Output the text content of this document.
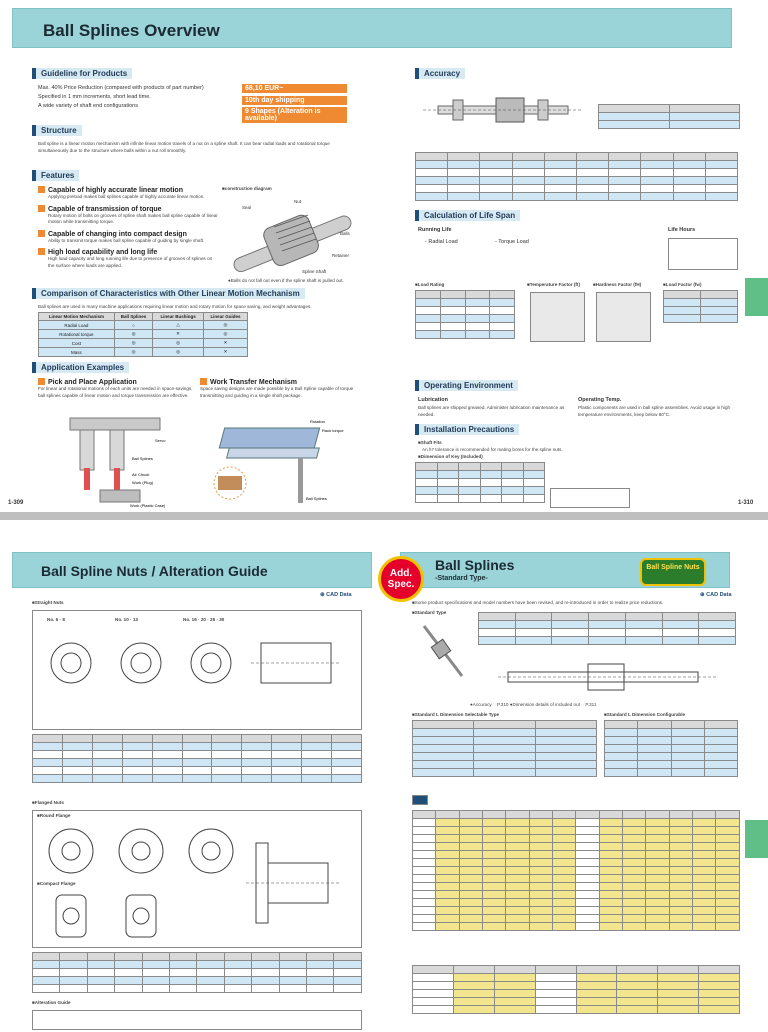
Ball Splines Overview
Guideline for Products
Max. 40% Price Reduction (compared with products of part number)
Specified in 1 mm increments, short lead time.
A wide variety of shaft end configurations
68,10 EUR~
10th day shipping
9 Shapes (Alteration is available)
Structure
Ball spline is a linear motion mechanism with infinite linear motion travels of a nut on a spline shaft. It can bear radial loads and rotational torque simultaneously due to the structure where balls within a nut roll smoothly.
Features
Capable of highly accurate linear motion
Applying preload makes ball splines capable of highly accurate linear motion.
Capable of transmission of torque
Rotary motion of bolts on grooves of spline shaft makes ball spline capable of linear motion while transmitting torque.
Capable of changing into compact design
Ability to transmit torque makes ball spline capable of guiding by single shaft.
High load capability and long life
High load capacity and long running life due to presence of grooves of splines on the surface where loads are applied.
■construction diagram
Seal
Nut
Balls
Retainer
Spline Shaft
●Balls do not fall out even if the spline shaft is pulled out.
Comparison of Characteristics with Other Linear Motion Mechanism
Ball splines are used in many machine applications requiring linear motion and rotary motion for space saving, and weight advantages.
Linear Motion Mechanism	Ball Splines	Linear Bushings	Linear Guides
Radial Load	○	△	◎
Rotational torque	◎	✕	◎
Cost	◎	◎	✕
Mass	◎	◎	✕
Application Examples
Pick and Place Application
For linear and rotational motions of each units are needed in space-savings, ball splines capable of linear motion and torque transmission are effective.
Work Transfer Mechanism
Space saving designs are made possible by a Ball Spline capable of torque transmitting and guiding in a single shaft package.
Servo
Ball Splines
Air Chuck
Work (Plug)
Work (Plastic Case)
Rotation
Rack torque
Ball Splines
Accuracy

Calculation of Life Span
Running Life	Life Hours
- Radial Load	- Torque Load
■Load Rating

				■Temperature Factor (ft)	■Hardness Factor (fH)	■Load Factor (fw)

Operating Environment
Lubrication
Ball splines are shipped greased. Administer lubrication maintenance as needed.
Operating Temp.
Plastic components are used in ball spline assemblies. Avoid usage in high temperature environments, keep below 80°C.
Installation Precautions
■Shaft Fits
An h7 tolerance is recommended for mating bores for the spline nuts.
■Dimension of Key (Included)

1-309	1-310
Ball Spline Nuts / Alteration Guide	Ball Splines
-Standard Type-
Add. Spec.
Ball Spline Nuts
⊕ CAD Data	⊕ CAD Data
■Straight Nuts
No. 6 · 8	No. 10 · 13	No. 16 · 20 · 25 · 30

■Flanged Nuts
■Round Flange
■Compact Flange

■Alteration Guide
■Some product specifications and model numbers have been revised, and re-introduced in order to realize price reductions.
■Standard Type

●Accuracy ☞P.310 ●Dimension details of included nut ☞P.311
■Standard L Dimension Selectable Type

			■Standard L Dimension Configurable
